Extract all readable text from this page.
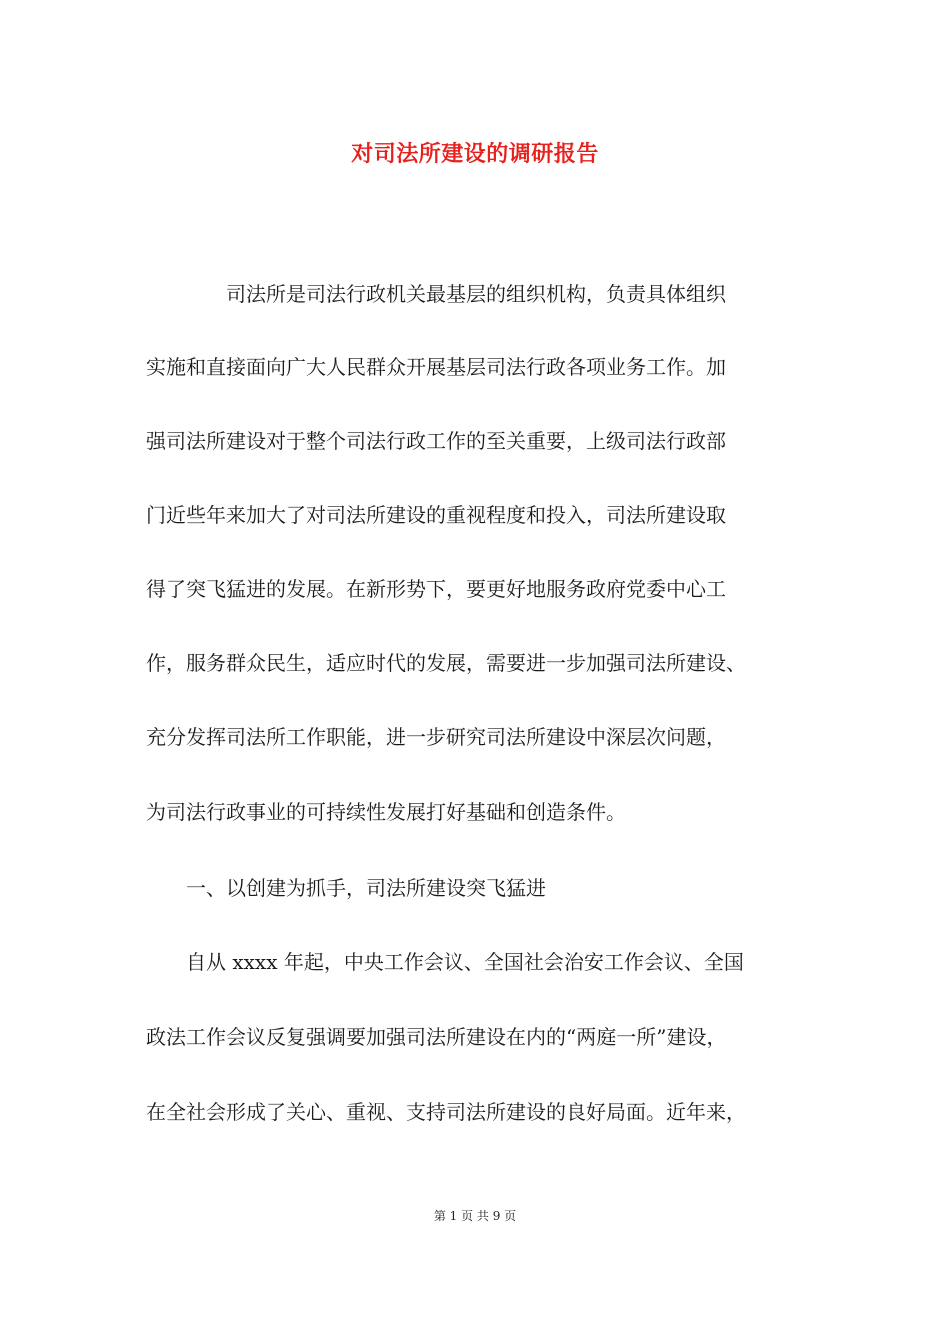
对司法所建设的调研报告
　　　　司法所是司法行政机关最基层的组织机构，负责具体组织
实施和直接面向广大人民群众开展基层司法行政各项业务工作。加
强司法所建设对于整个司法行政工作的至关重要，上级司法行政部
门近些年来加大了对司法所建设的重视程度和投入，司法所建设取
得了突飞猛进的发展。在新形势下，要更好地服务政府党委中心工
作，服务群众民生，适应时代的发展，需要进一步加强司法所建设、
充分发挥司法所工作职能，进一步研究司法所建设中深层次问题，
为司法行政事业的可持续性发展打好基础和创造条件。
　　一、以创建为抓手，司法所建设突飞猛进
　　自从 xxxx 年起，中央工作会议、全国社会治安工作会议、全国
政法工作会议反复强调要加强司法所建设在内的“两庭一所”建设，
在全社会形成了关心、重视、支持司法所建设的良好局面。近年来，
第 1 页 共 9 页
